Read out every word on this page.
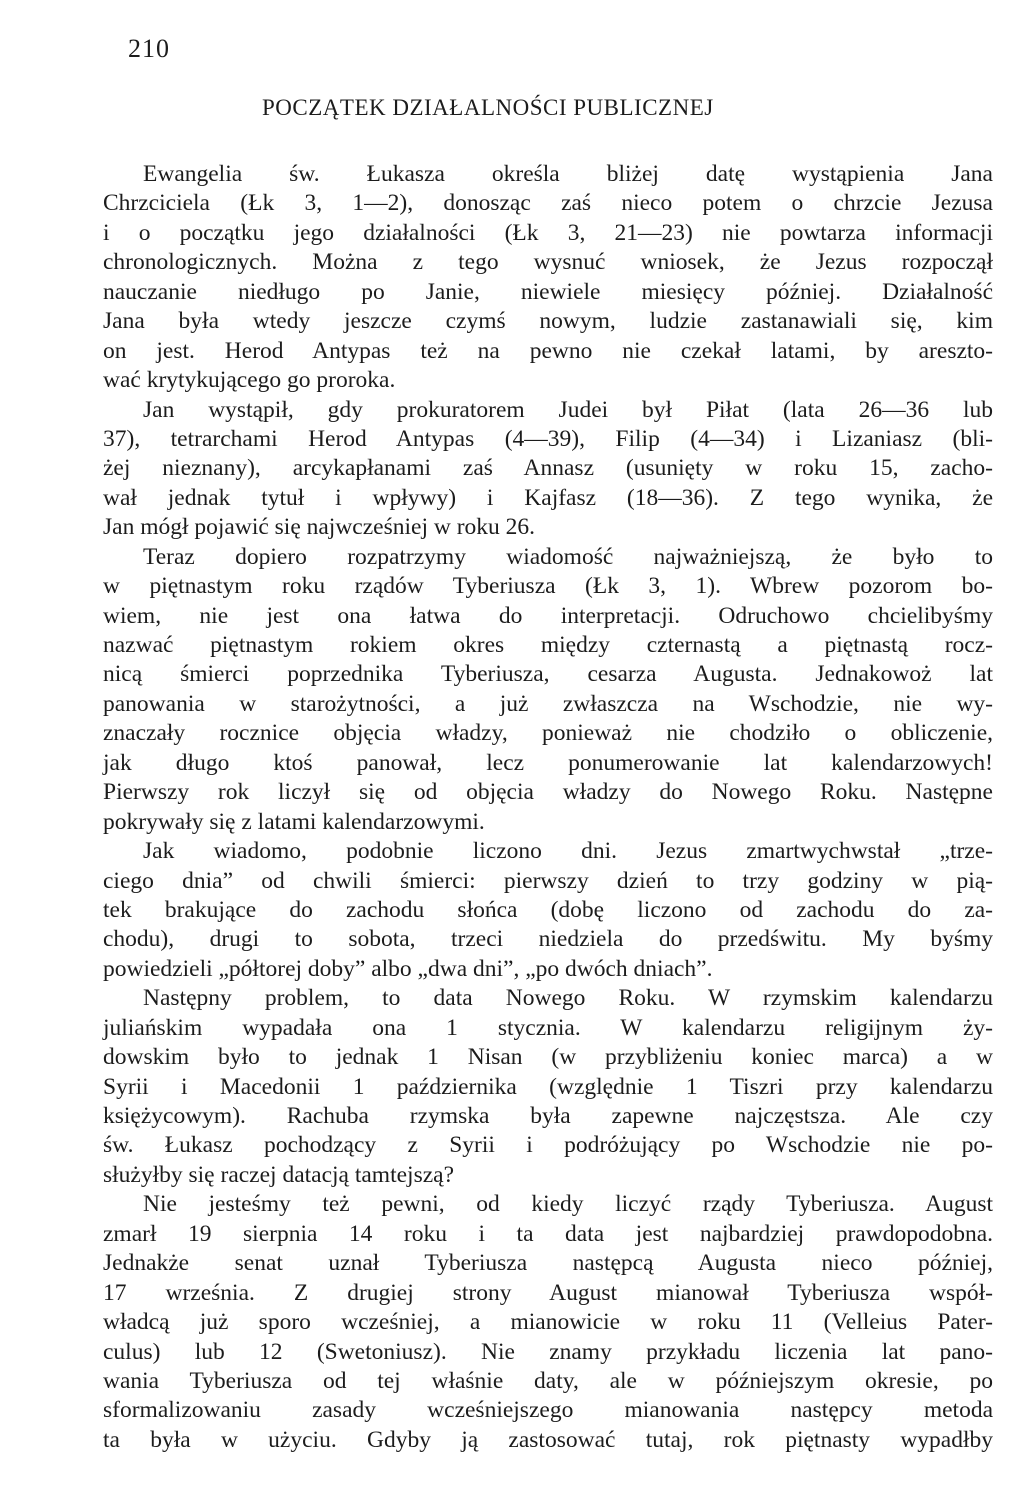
210
POCZĄTEK DZIAŁALNOŚCI PUBLICZNEJ
Ewangelia św. Łukasza określa bliżej datę wystąpienia Jana
Chrzciciela (Łk 3, 1—2), donosząc zaś nieco potem o chrzcie Jezusa
i o początku jego działalności (Łk 3, 21—23) nie powtarza informacji
chronologicznych. Można z tego wysnuć wniosek, że Jezus rozpoczął
nauczanie niedługo po Janie, niewiele miesięcy później. Działalność
Jana była wtedy jeszcze czymś nowym, ludzie zastanawiali się, kim
on jest. Herod Antypas też na pewno nie czekał latami, by areszto-
wać krytykującego go proroka.
Jan wystąpił, gdy prokuratorem Judei był Piłat (lata 26—36 lub
37), tetrarchami Herod Antypas (4—39), Filip (4—34) i Lizaniasz (bli-
żej nieznany), arcykapłanami zaś Annasz (usunięty w roku 15, zacho-
wał jednak tytuł i wpływy) i Kajfasz (18—36). Z tego wynika, że
Jan mógł pojawić się najwcześniej w roku 26.
Teraz dopiero rozpatrzymy wiadomość najważniejszą, że było to
w piętnastym roku rządów Tyberiusza (Łk 3, 1). Wbrew pozorom bo-
wiem, nie jest ona łatwa do interpretacji. Odruchowo chcielibyśmy
nazwać piętnastym rokiem okres między czternastą a piętnastą rocz-
nicą śmierci poprzednika Tyberiusza, cesarza Augusta. Jednakowoż lat
panowania w starożytności, a już zwłaszcza na Wschodzie, nie wy-
znaczały rocznice objęcia władzy, ponieważ nie chodziło o obliczenie,
jak długo ktoś panował, lecz ponumerowanie lat kalendarzowych!
Pierwszy rok liczył się od objęcia władzy do Nowego Roku. Następne
pokrywały się z latami kalendarzowymi.
Jak wiadomo, podobnie liczono dni. Jezus zmartwychwstał „trze-
ciego dnia” od chwili śmierci: pierwszy dzień to trzy godziny w pią-
tek brakujące do zachodu słońca (dobę liczono od zachodu do za-
chodu), drugi to sobota, trzeci niedziela do przedświtu. My byśmy
powiedzieli „półtorej doby” albo „dwa dni”, „po dwóch dniach”.
Następny problem, to data Nowego Roku. W rzymskim kalendarzu
juliańskim wypadała ona 1 stycznia. W kalendarzu religijnym ży-
dowskim było to jednak 1 Nisan (w przybliżeniu koniec marca) a w
Syrii i Macedonii 1 października (względnie 1 Tiszri przy kalendarzu
księżycowym). Rachuba rzymska była zapewne najczęstsza. Ale czy
św. Łukasz pochodzący z Syrii i podróżujący po Wschodzie nie po-
służyłby się raczej datacją tamtejszą?
Nie jesteśmy też pewni, od kiedy liczyć rządy Tyberiusza. August
zmarł 19 sierpnia 14 roku i ta data jest najbardziej prawdopodobna.
Jednakże senat uznał Tyberiusza następcą Augusta nieco później,
17 września. Z drugiej strony August mianował Tyberiusza współ-
władcą już sporo wcześniej, a mianowicie w roku 11 (Velleius Pater-
culus) lub 12 (Swetoniusz). Nie znamy przykładu liczenia lat pano-
wania Tyberiusza od tej właśnie daty, ale w późniejszym okresie, po
sformalizowaniu zasady wcześniejszego mianowania następcy metoda
ta była w użyciu. Gdyby ją zastosować tutaj, rok piętnasty wypadłby
